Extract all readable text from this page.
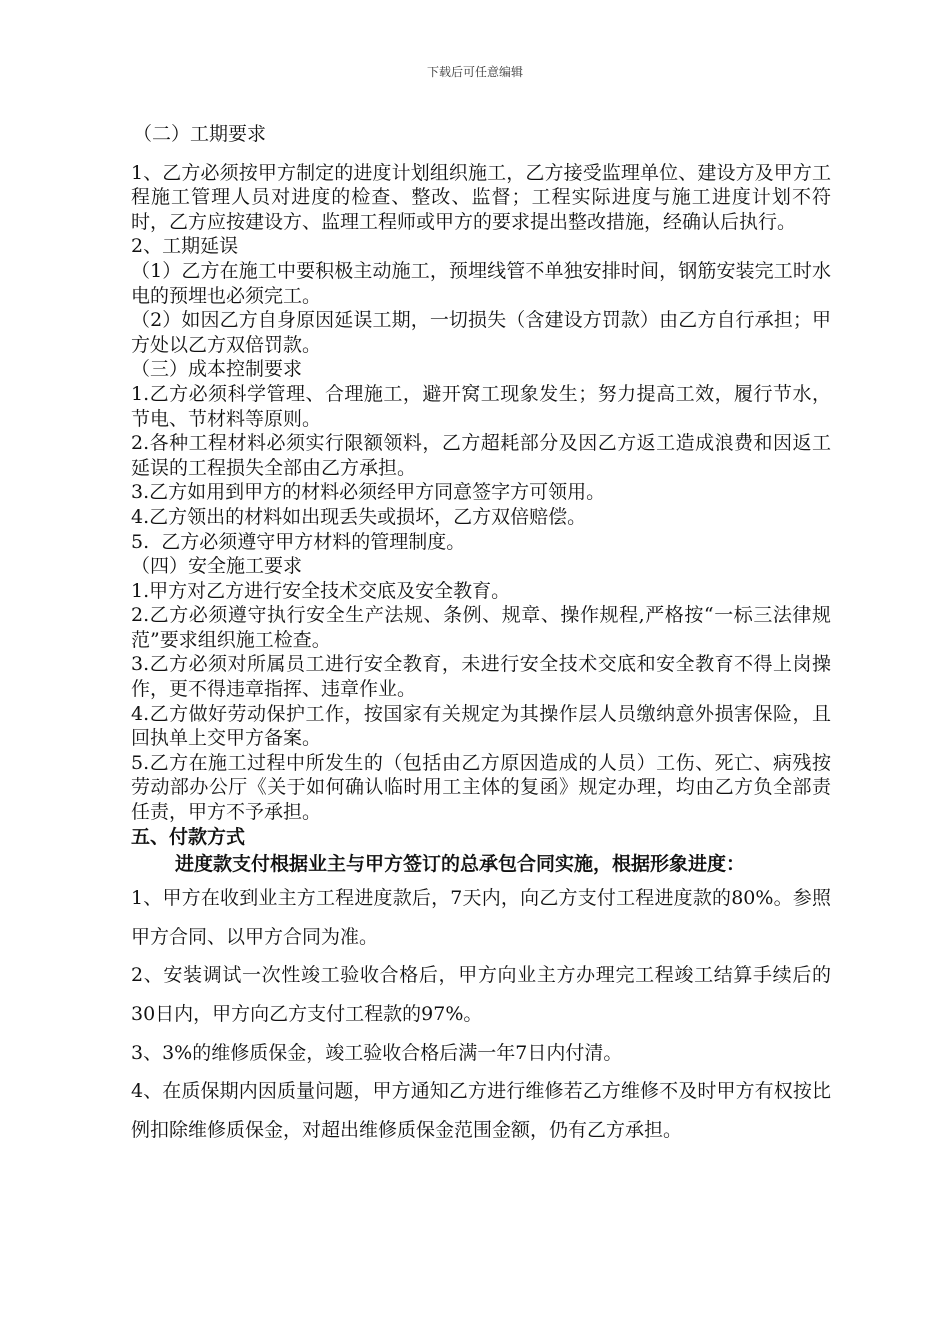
下载后可任意编辑

（二）工期要求

1、乙方必须按甲方制定的进度计划组织施工，乙方接受监理单位、建设方及甲方工程施工管理人员对进度的检查、整改、监督；工程实际进度与施工进度计划不符时，乙方应按建设方、监理工程师或甲方的要求提出整改措施，经确认后执行。

2、工期延误

（1）乙方在施工中要积极主动施工，预埋线管不单独安排时间，钢筋安装完工时水电的预埋也必须完工。

（2）如因乙方自身原因延误工期，一切损失（含建设方罚款）由乙方自行承担；甲方处以乙方双倍罚款。

（三）成本控制要求

1.乙方必须科学管理、合理施工，避开窝工现象发生；努力提高工效，履行节水，节电、节材料等原则。

2.各种工程材料必须实行限额领料，乙方超耗部分及因乙方返工造成浪费和因返工延误的工程损失全部由乙方承担。

3.乙方如用到甲方的材料必须经甲方同意签字方可领用。

4.乙方领出的材料如出现丢失或损坏，乙方双倍赔偿。

5.  乙方必须遵守甲方材料的管理制度。

（四）安全施工要求

1.甲方对乙方进行安全技术交底及安全教育。

2.乙方必须遵守执行安全生产法规、条例、规章、操作规程,严格按“一标三法律规范”要求组织施工检查。

3.乙方必须对所属员工进行安全教育，未进行安全技术交底和安全教育不得上岗操作，更不得违章指挥、违章作业。

4.乙方做好劳动保护工作，按国家有关规定为其操作层人员缴纳意外损害保险，且回执单上交甲方备案。

5.乙方在施工过程中所发生的（包括由乙方原因造成的人员）工伤、死亡、病残按劳动部办公厅《关于如何确认临时用工主体的复函》规定办理，均由乙方负全部责任责，甲方不予承担。

五、付款方式

进度款支付根据业主与甲方签订的总承包合同实施，根据形象进度：

1、甲方在收到业主方工程进度款后，7天内，向乙方支付工程进度款的80%。参照甲方合同、以甲方合同为准。

2、安装调试一次性竣工验收合格后，甲方向业主方办理完工程竣工结算手续后的30日内，甲方向乙方支付工程款的97%。

3、3%的维修质保金，竣工验收合格后满一年7日内付清。

4、在质保期内因质量问题，甲方通知乙方进行维修若乙方维修不及时甲方有权按比例扣除维修质保金，对超出维修质保金范围金额，仍有乙方承担。
